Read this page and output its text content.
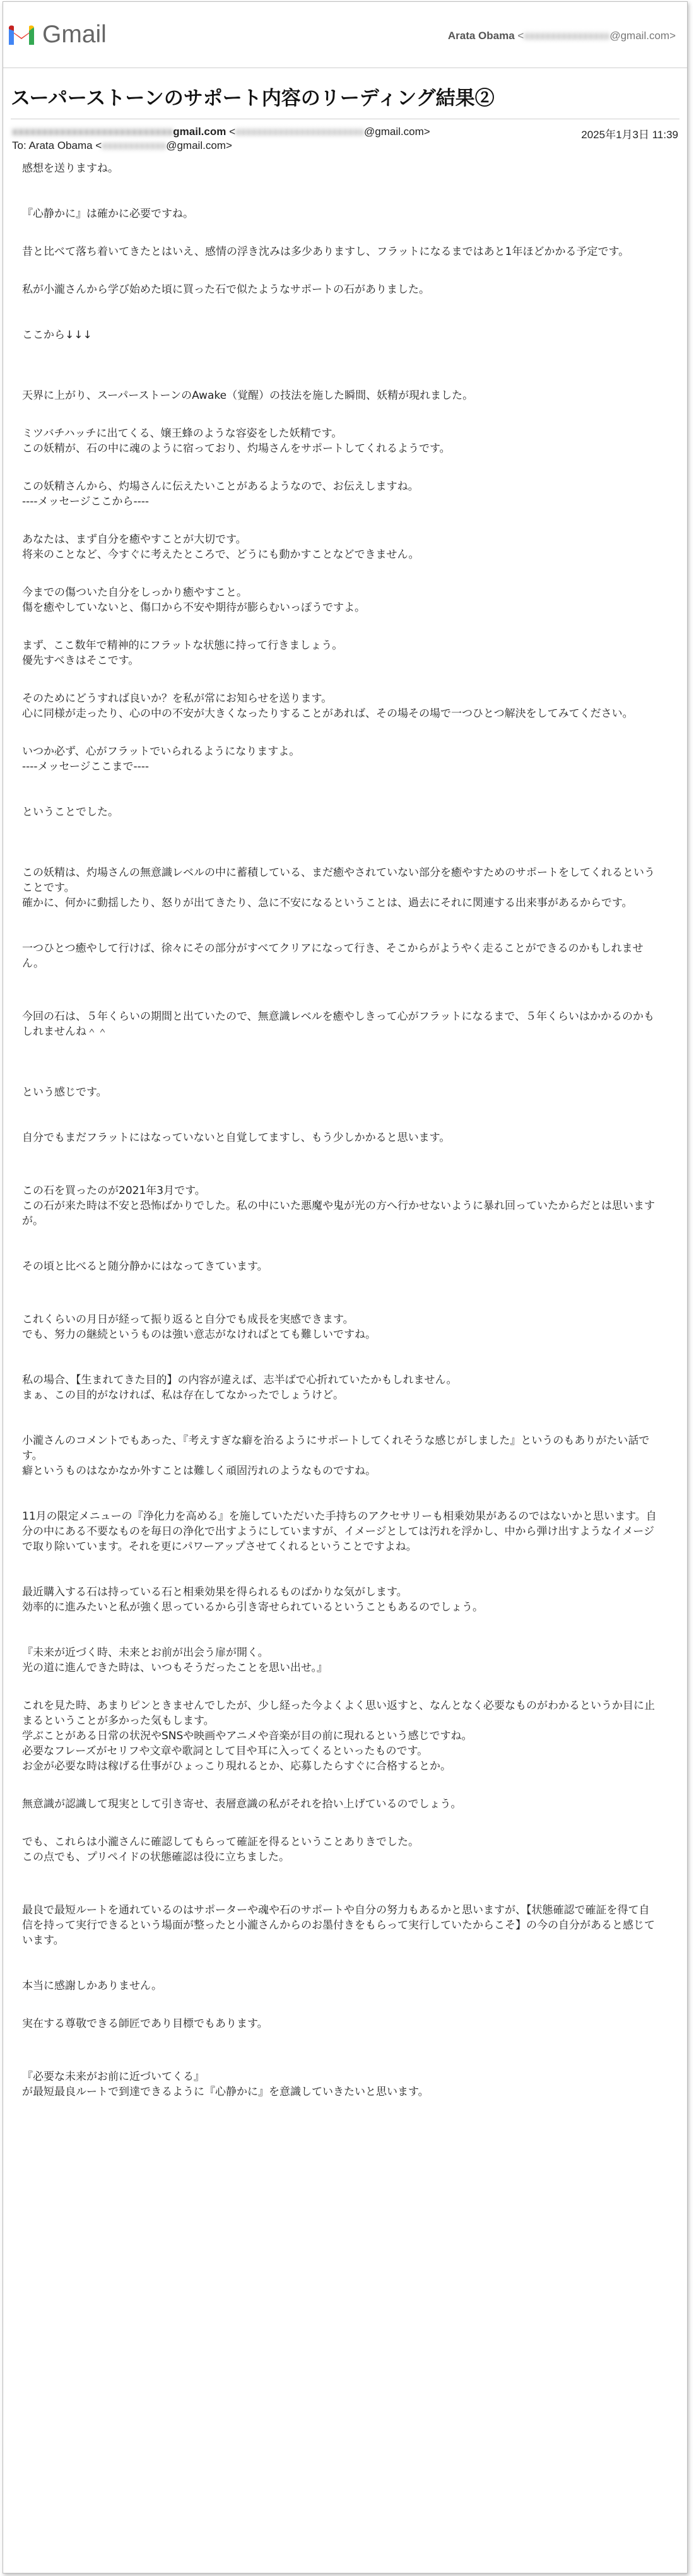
Gmail	Arata Obama <xxxxxxxxxxxxxxxx@gmail.com>
スーパーストーンのサポート内容のリーディング結果②
xxxxxxxxxxxxxxxxxxxxxxxxxxxgmail.com <xxxxxxxxxxxxxxxxxxxxxxxx@gmail.com>	2025年1月3日 11:39
To: Arata Obama <xxxxxxxxxxxx@gmail.com>

感想を送りますね。

『心静かに』は確かに必要ですね。

昔と比べて落ち着いてきたとはいえ、感情の浮き沈みは多少ありますし、フラットになるまではあと1年ほどかかる予定です。

私が小瀧さんから学び始めた頃に買った石で似たようなサポートの石がありました。

ここから↓↓↓

天界に上がり、スーパーストーンのAwake（覚醒）の技法を施した瞬間、妖精が現れました。

ミツバチハッチに出てくる、嬢王蜂のような容姿をした妖精です。
この妖精が、石の中に魂のように宿っており、灼場さんをサポートしてくれるようです。

この妖精さんから、灼場さんに伝えたいことがあるようなので、お伝えしますね。
----メッセージここから----

あなたは、まず自分を癒やすことが大切です。
将来のことなど、今すぐに考えたところで、どうにも動かすことなどできません。

今までの傷ついた自分をしっかり癒やすこと。
傷を癒やしていないと、傷口から不安や期待が膨らむいっぽうですよ。

まず、ここ数年で精神的にフラットな状態に持って行きましょう。
優先すべきはそこです。

そのためにどうすれば良いか？を私が常にお知らせを送ります。
心に同様が走ったり、心の中の不安が大きくなったりすることがあれば、その場その場で一つひとつ解決をしてみてください。

いつか必ず、心がフラットでいられるようになりますよ。
----メッセージここまで----

ということでした。

この妖精は、灼場さんの無意識レベルの中に蓄積している、まだ癒やされていない部分を癒やすためのサポートをしてくれるということです。
確かに、何かに動揺したり、怒りが出てきたり、急に不安になるということは、過去にそれに関連する出来事があるからです。

一つひとつ癒やして行けば、徐々にその部分がすべてクリアになって行き、そこからがようやく走ることができるのかもしれません。

今回の石は、５年くらいの期間と出ていたので、無意識レベルを癒やしきって心がフラットになるまで、５年くらいはかかるのかもしれませんね＾＾

という感じです。

自分でもまだフラットにはなっていないと自覚してますし、もう少しかかると思います。

この石を買ったのが2021年3月です。
この石が来た時は不安と恐怖ばかりでした。私の中にいた悪魔や鬼が光の方へ行かせないように暴れ回っていたからだとは思いますが。

その頃と比べると随分静かにはなってきています。

これくらいの月日が経って振り返ると自分でも成長を実感できます。
でも、努力の継続というものは強い意志がなければとても難しいですね。

私の場合、【生まれてきた目的】の内容が違えば、志半ばで心折れていたかもしれません。
まぁ、この目的がなければ、私は存在してなかったでしょうけど。

小瀧さんのコメントでもあった、『考えすぎな癖を治るようにサポートしてくれそうな感じがしました』というのもありがたい話です。
癖というものはなかなか外すことは難しく頑固汚れのようなものですね。

11月の限定メニューの『浄化力を高める』を施していただいた手持ちのアクセサリーも相乗効果があるのではないかと思います。自分の中にある不要なものを毎日の浄化で出すようにしていますが、イメージとしては汚れを浮かし、中から弾け出すようなイメージで取り除いています。それを更にパワーアップさせてくれるということですよね。

最近購入する石は持っている石と相乗効果を得られるものばかりな気がします。
効率的に進みたいと私が強く思っているから引き寄せられているということもあるのでしょう。

『未来が近づく時、未来とお前が出会う扉が開く。
光の道に進んできた時は、いつもそうだったことを思い出せ。』

これを見た時、あまりピンときませんでしたが、少し経った今よくよく思い返すと、なんとなく必要なものがわかるというか目に止まるということが多かった気もします。
学ぶことがある日常の状況やSNSや映画やアニメや音楽が目の前に現れるという感じですね。
必要なフレーズがセリフや文章や歌詞として目や耳に入ってくるといったものです。
お金が必要な時は稼げる仕事がひょっこり現れるとか、応募したらすぐに合格するとか。

無意識が認識して現実として引き寄せ、表層意識の私がそれを拾い上げているのでしょう。

でも、これらは小瀧さんに確認してもらって確証を得るということありきでした。
この点でも、プリペイドの状態確認は役に立ちました。

最良で最短ルートを通れているのはサポーターや魂や石のサポートや自分の努力もあるかと思いますが、【状態確認で確証を得て自信を持って実行できるという場面が整ったと小瀧さんからのお墨付きをもらって実行していたからこそ】の今の自分があると感じています。

本当に感謝しかありません。

実在する尊敬できる師匠であり目標でもあります。

『必要な未来がお前に近づいてくる』
が最短最良ルートで到達できるように『心静かに』を意識していきたいと思います。
